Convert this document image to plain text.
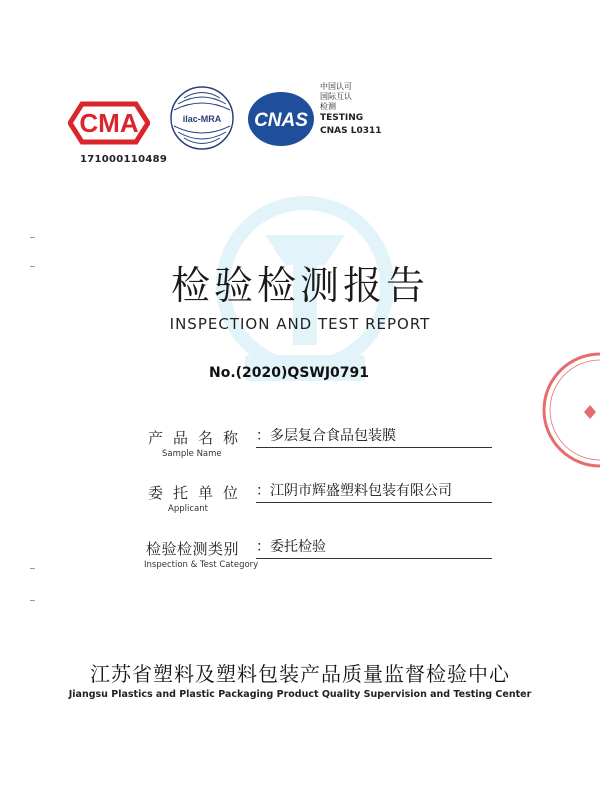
CMA
171000110489
ilac-MRA CNAS
中国认可
国际互认
检测
TESTING
CNAS L0311
检验检测报告
INSPECTION AND TEST REPORT
No.(2020)QSWJ0791
产品名称
Sample Name
：多层复合食品包装膜
委托单位
Applicant
：江阴市辉盛塑料包装有限公司
检验检测类别
Inspection & Test Category
：委托检验
江苏省塑料及塑料包装产品质量监督检验中心
Jiangsu Plastics and Plastic Packaging Product Quality Supervision and Testing Center
